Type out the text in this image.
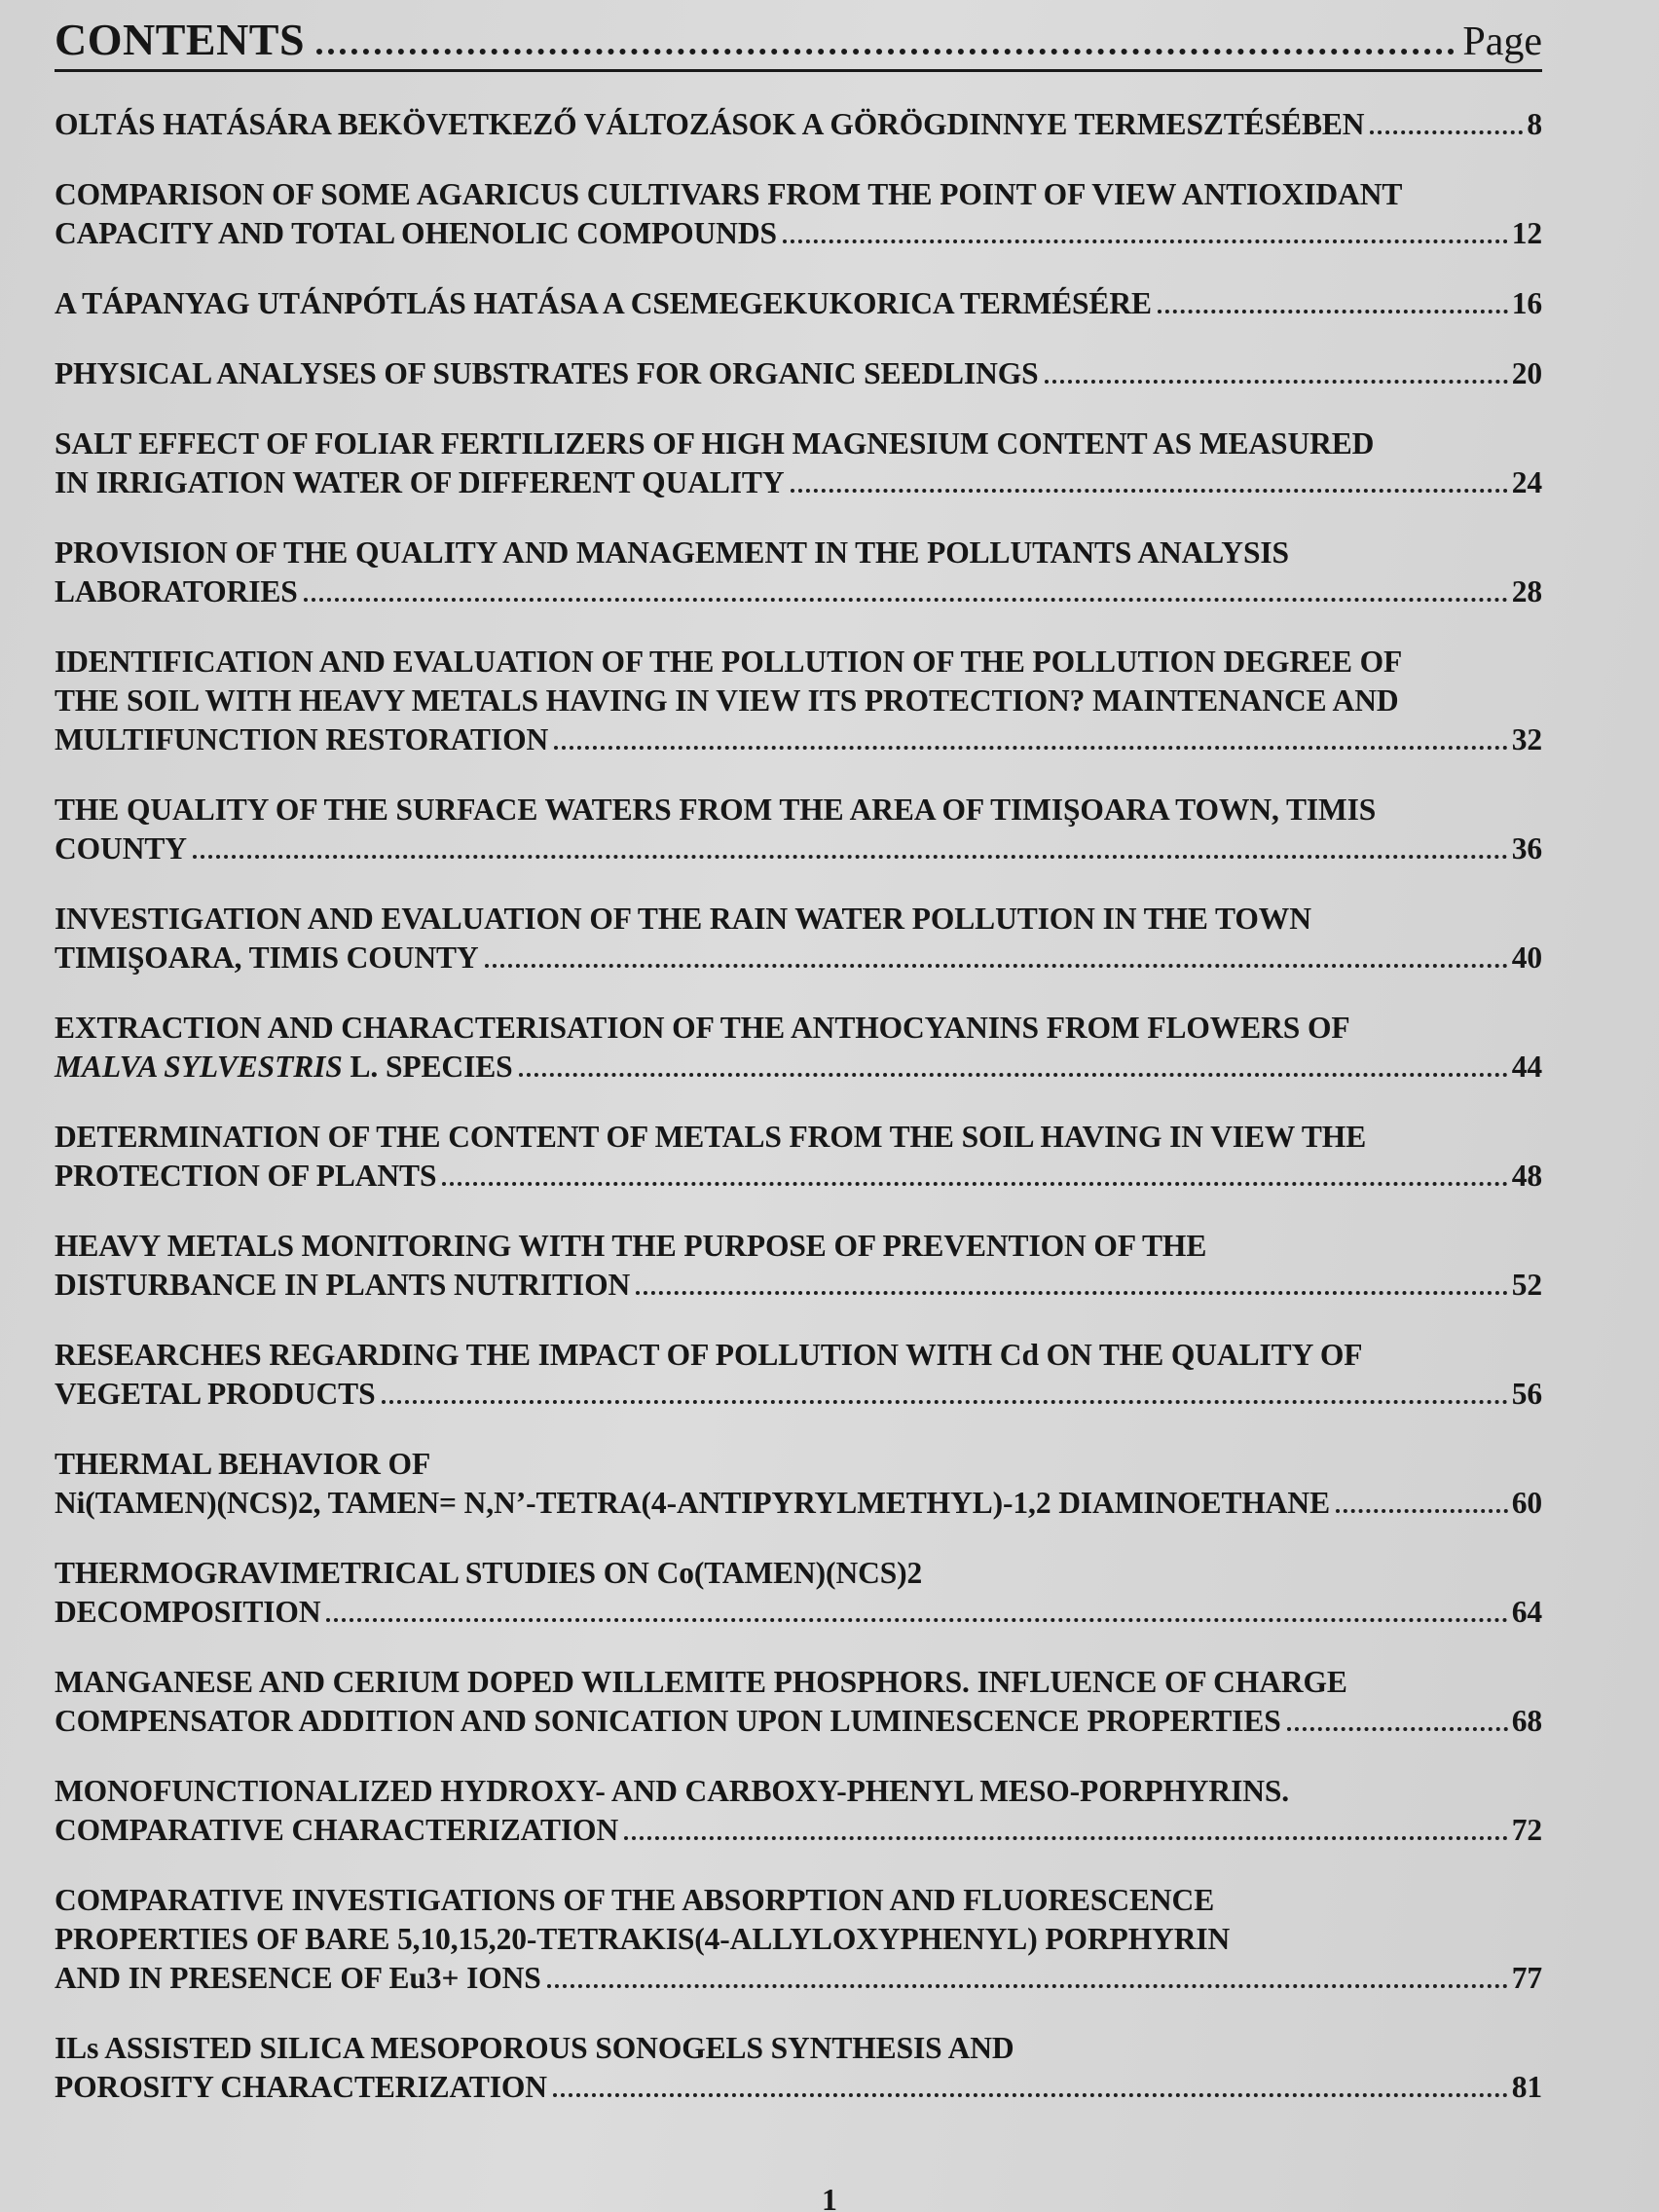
CONTENTS	Page
OLTÁS HATÁSÁRA BEKÖVETKEZŐ VÁLTOZÁSOK A GÖRÖGDINNYE TERMESZTÉSÉBEN	8
COMPARISON OF SOME AGARICUS CULTIVARS FROM THE POINT OF VIEW ANTIOXIDANT
CAPACITY AND TOTAL OHENOLIC COMPOUNDS	12
A TÁPANYAG UTÁNPÓTLÁS HATÁSA A CSEMEGEKUKORICA TERMÉSÉRE	16
PHYSICAL ANALYSES OF SUBSTRATES FOR ORGANIC SEEDLINGS	20
SALT EFFECT OF FOLIAR FERTILIZERS OF HIGH MAGNESIUM CONTENT AS MEASURED
IN IRRIGATION WATER OF DIFFERENT QUALITY	24
PROVISION OF THE QUALITY AND MANAGEMENT IN THE POLLUTANTS ANALYSIS
LABORATORIES	28
IDENTIFICATION AND EVALUATION OF THE POLLUTION OF THE POLLUTION DEGREE OF
THE SOIL WITH HEAVY METALS HAVING IN VIEW ITS PROTECTION? MAINTENANCE AND
MULTIFUNCTION RESTORATION	32
THE QUALITY OF THE SURFACE WATERS FROM THE AREA OF TIMIŞOARA TOWN, TIMIS
COUNTY	36
INVESTIGATION AND EVALUATION OF THE RAIN WATER POLLUTION IN THE TOWN
TIMIŞOARA, TIMIS COUNTY	40
EXTRACTION AND CHARACTERISATION OF THE ANTHOCYANINS FROM FLOWERS OF
MALVA SYLVESTRIS L. SPECIES	44
DETERMINATION OF THE CONTENT OF METALS FROM THE SOIL HAVING IN VIEW THE
PROTECTION OF PLANTS	48
HEAVY METALS MONITORING WITH THE PURPOSE OF PREVENTION OF THE
DISTURBANCE IN PLANTS NUTRITION	52
RESEARCHES REGARDING THE IMPACT OF POLLUTION WITH Cd ON THE QUALITY OF
VEGETAL PRODUCTS	56
THERMAL BEHAVIOR OF
Ni(TAMEN)(NCS)2, TAMEN= N,N’-TETRA(4-ANTIPYRYLMETHYL)-1,2 DIAMINOETHANE	60
THERMOGRAVIMETRICAL STUDIES ON Co(TAMEN)(NCS)2
DECOMPOSITION	64
MANGANESE AND CERIUM DOPED WILLEMITE PHOSPHORS. INFLUENCE OF CHARGE
COMPENSATOR ADDITION AND SONICATION UPON LUMINESCENCE PROPERTIES	68
MONOFUNCTIONALIZED HYDROXY- AND CARBOXY-PHENYL MESO-PORPHYRINS.
COMPARATIVE CHARACTERIZATION	72
COMPARATIVE INVESTIGATIONS OF THE ABSORPTION AND FLUORESCENCE
PROPERTIES OF BARE 5,10,15,20-TETRAKIS(4-ALLYLOXYPHENYL) PORPHYRIN
AND IN PRESENCE OF Eu3+ IONS	77
ILs ASSISTED SILICA MESOPOROUS SONOGELS SYNTHESIS AND
POROSITY CHARACTERIZATION	81
1
